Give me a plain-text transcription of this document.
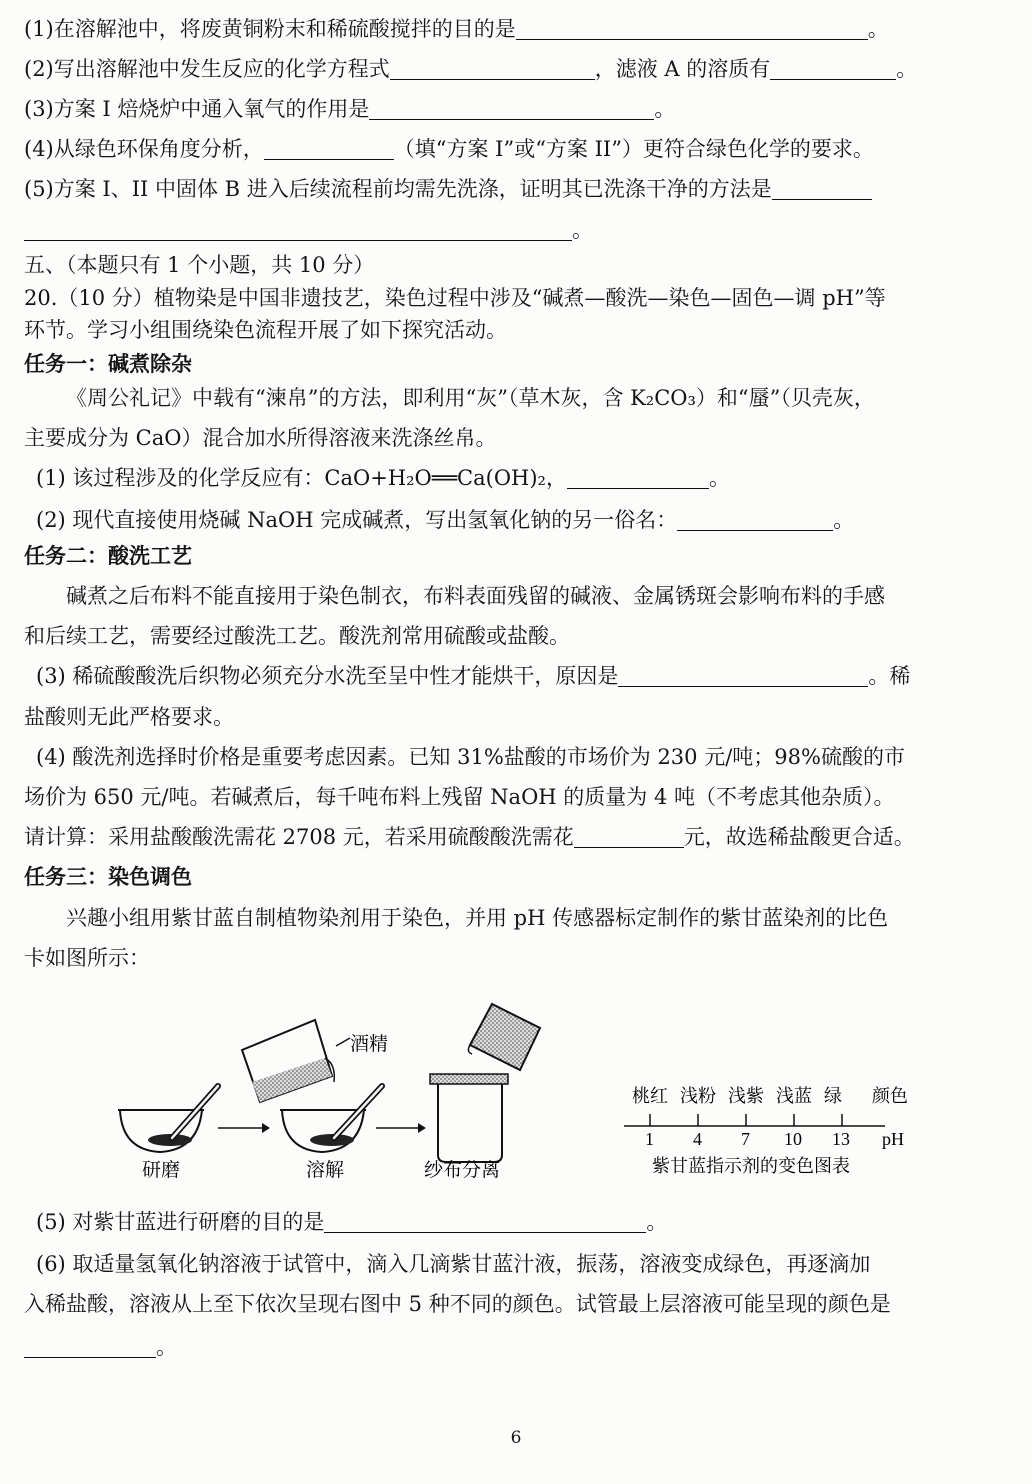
(1)在溶解池中，将废黄铜粉末和稀硫酸搅拌的目的是	。
(2)写出溶解池中发生反应的化学方程式	，滤液 A 的溶质有	。
(3)方案 I 焙烧炉中通入氧气的作用是	。
(4)从绿色环保角度分析，	（填“方案 I”或“方案 II”）更符合绿色化学的要求。
(5)方案 I、II 中固体 B 进入后续流程前均需先洗涤，证明其已洗涤干净的方法是
。
五、（本题只有 1 个小题，共 10 分）
20.（10 分）植物染是中国非遗技艺，染色过程中涉及“碱煮—酸洗—染色—固色—调 pH”等
环节。学习小组围绕染色流程开展了如下探究活动。
任务一：碱煮除杂
《周公礼记》中载有“湅帛”的方法，即利用“灰”（草木灰，含 K₂CO₃）和“蜃”（贝壳灰，
主要成分为 CaO）混合加水所得溶液来洗涤丝帛。
(1) 该过程涉及的化学反应有：CaO+H₂O══Ca(OH)₂，	。
(2) 现代直接使用烧碱 NaOH 完成碱煮，写出氢氧化钠的另一俗名：	。
任务二：酸洗工艺
碱煮之后布料不能直接用于染色制衣，布料表面残留的碱液、金属锈斑会影响布料的手感
和后续工艺，需要经过酸洗工艺。酸洗剂常用硫酸或盐酸。
(3) 稀硫酸酸洗后织物必须充分水洗至呈中性才能烘干，原因是	。稀
盐酸则无此严格要求。
(4) 酸洗剂选择时价格是重要考虑因素。已知 31%盐酸的市场价为 230 元/吨；98%硫酸的市
场价为 650 元/吨。若碱煮后，每千吨布料上残留 NaOH 的质量为 4 吨（不考虑其他杂质）。
请计算：采用盐酸酸洗需花 2708 元，若采用硫酸酸洗需花	元，故选稀盐酸更合适。
任务三：染色调色
兴趣小组用紫甘蓝自制植物染剂用于染色，并用 pH 传感器标定制作的紫甘蓝染剂的比色
卡如图所示：
研磨
酒精
溶解	纱布分离
桃红 浅粉 浅紫 浅蓝 绿 颜色
1 4 7 10 13 pH
紫甘蓝指示剂的变色图表
(5) 对紫甘蓝进行研磨的目的是	。
(6) 取适量氢氧化钠溶液于试管中，滴入几滴紫甘蓝汁液，振荡，溶液变成绿色，再逐滴加
入稀盐酸，溶液从上至下依次呈现右图中 5 种不同的颜色。试管最上层溶液可能呈现的颜色是
。
6
